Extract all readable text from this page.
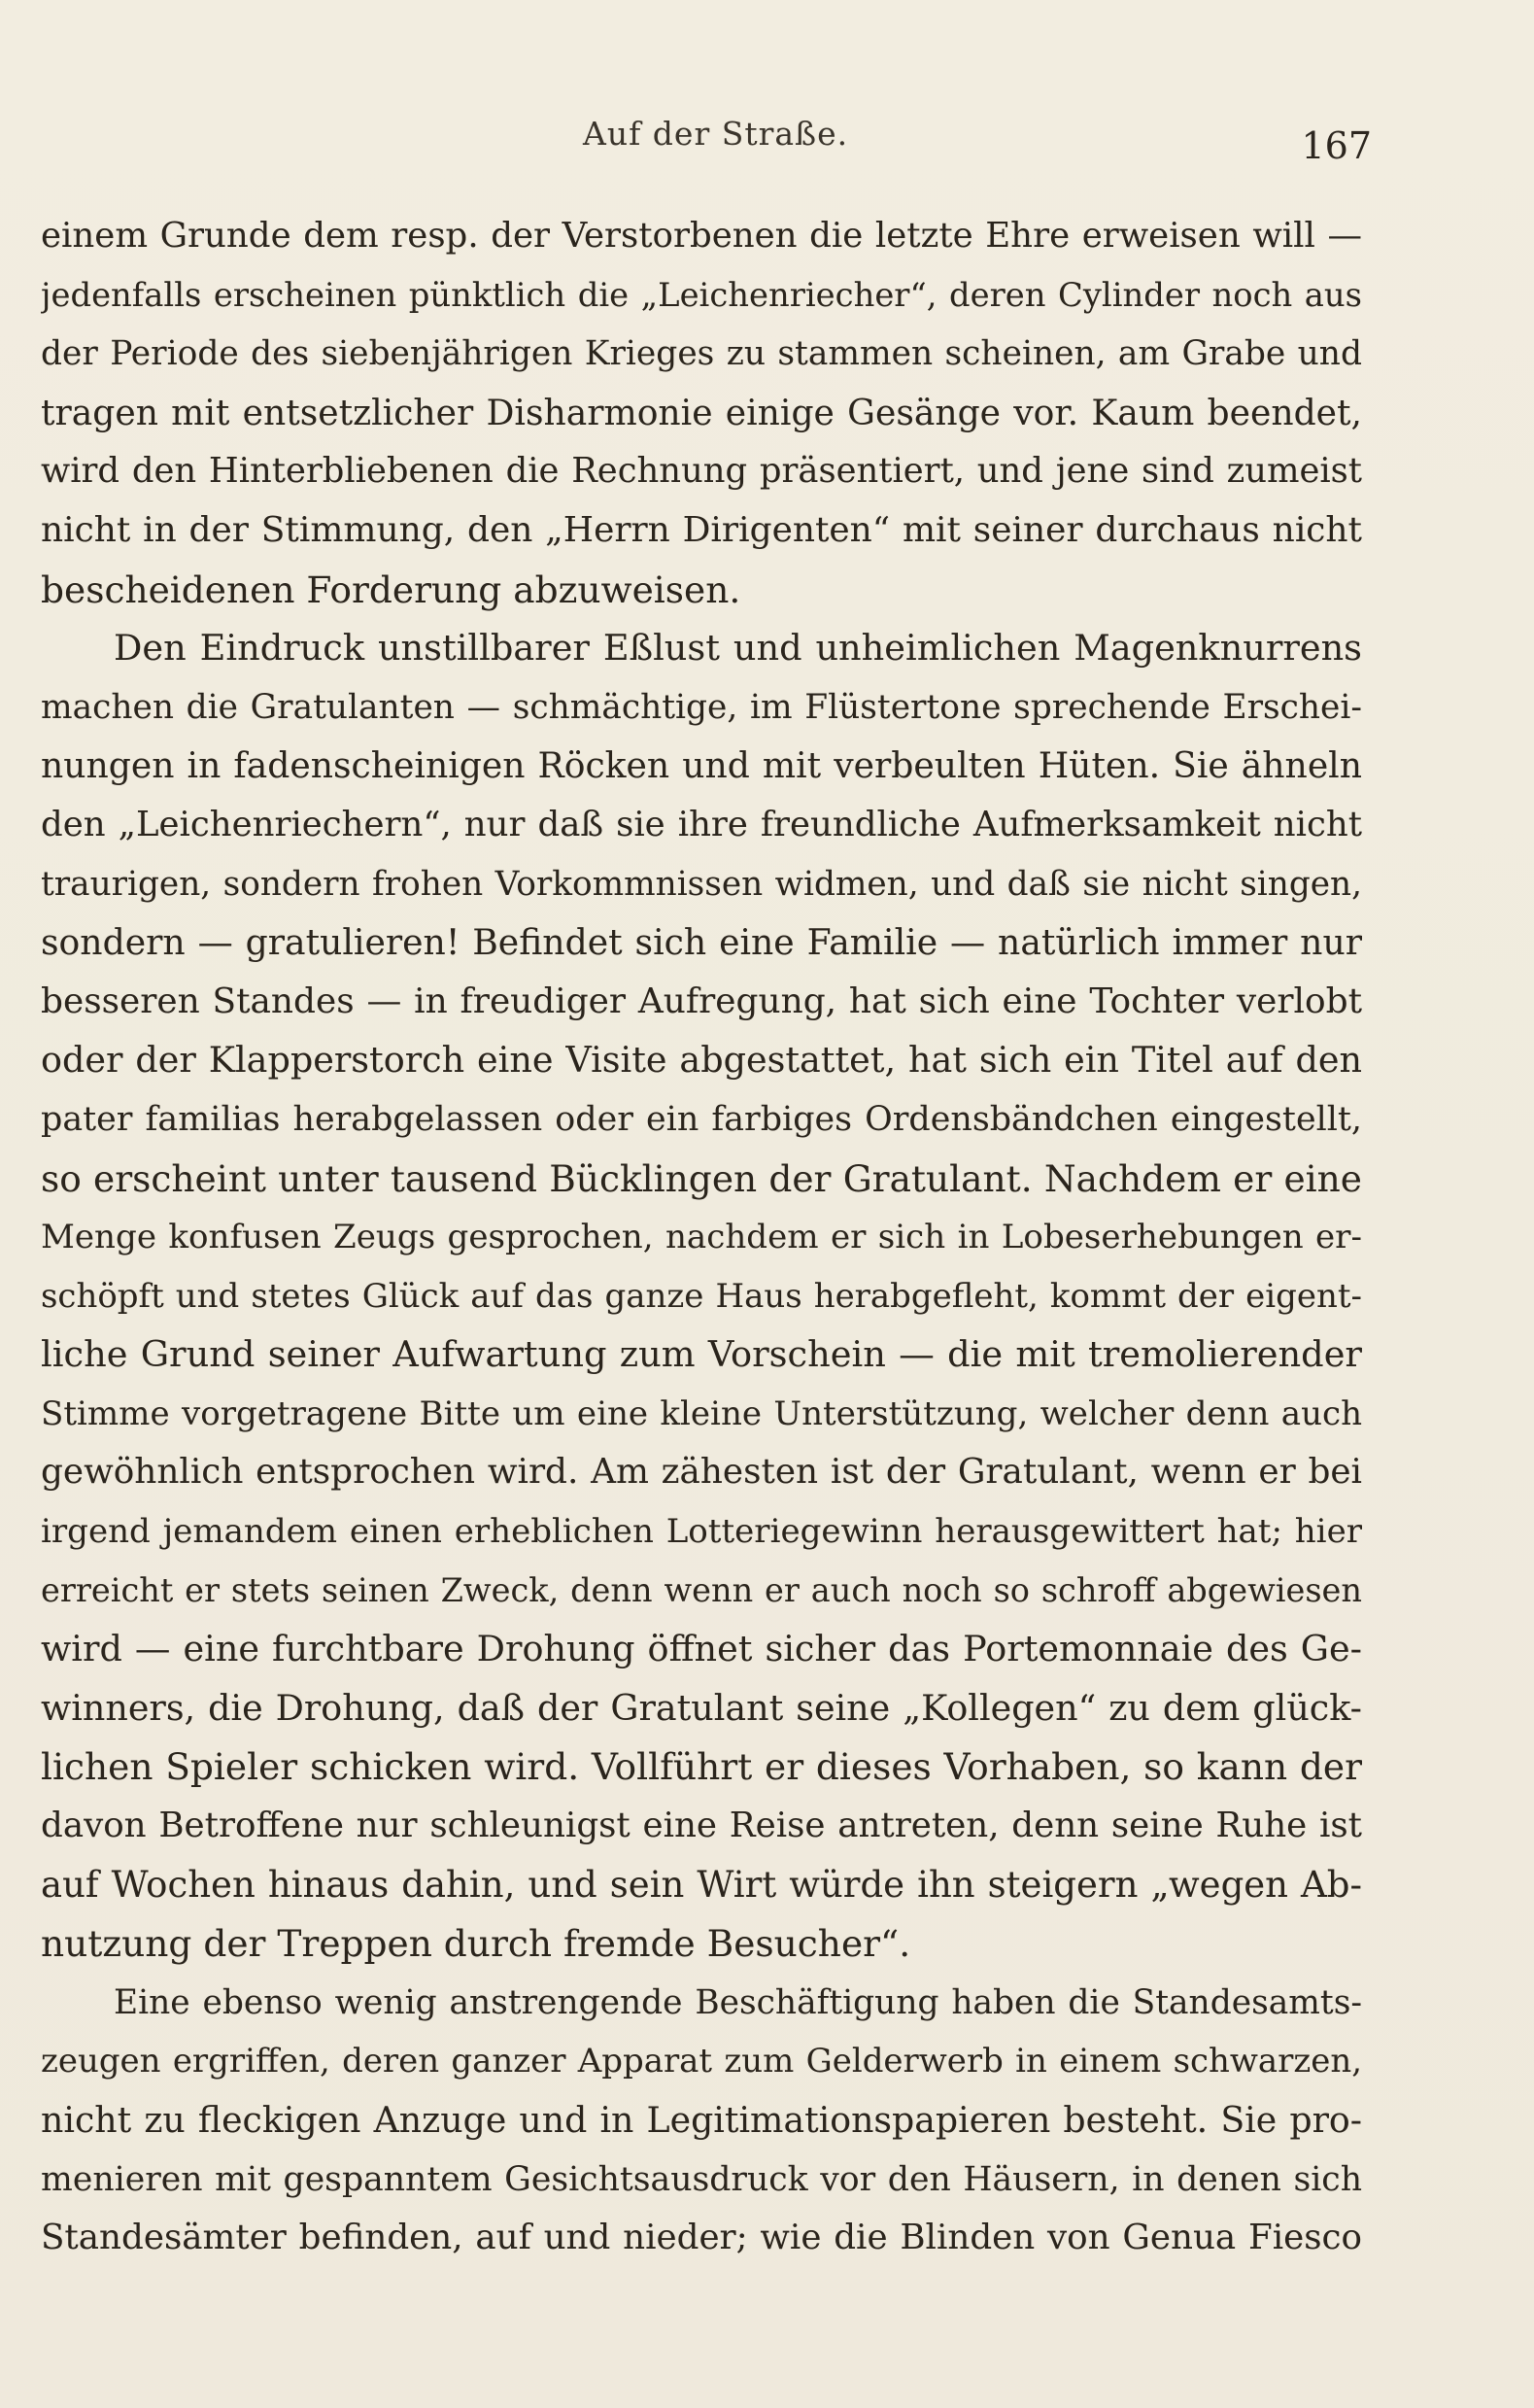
Auf der Straße.	167
einem Grunde dem resp. der Verstorbenen die letzte Ehre erweisen will —
jedenfalls erscheinen pünktlich die „Leichenriecher“, deren Cylinder noch aus
der Periode des siebenjährigen Krieges zu stammen scheinen, am Grabe und
tragen mit entsetzlicher Disharmonie einige Gesänge vor. Kaum beendet,
wird den Hinterbliebenen die Rechnung präsentiert, und jene sind zumeist
nicht in der Stimmung, den „Herrn Dirigenten“ mit seiner durchaus nicht
bescheidenen Forderung abzuweisen.
Den Eindruck unstillbarer Eßlust und unheimlichen Magenknurrens
machen die Gratulanten — schmächtige, im Flüstertone sprechende Erschei-
nungen in fadenscheinigen Röcken und mit verbeulten Hüten. Sie ähneln
den „Leichenriechern“, nur daß sie ihre freundliche Aufmerksamkeit nicht
traurigen, sondern frohen Vorkommnissen widmen, und daß sie nicht singen,
sondern — gratulieren! Befindet sich eine Familie — natürlich immer nur
besseren Standes — in freudiger Aufregung, hat sich eine Tochter verlobt
oder der Klapperstorch eine Visite abgestattet, hat sich ein Titel auf den
pater familias herabgelassen oder ein farbiges Ordensbändchen eingestellt,
so erscheint unter tausend Bücklingen der Gratulant. Nachdem er eine
Menge konfusen Zeugs gesprochen, nachdem er sich in Lobeserhebungen er-
schöpft und stetes Glück auf das ganze Haus herabgefleht, kommt der eigent-
liche Grund seiner Aufwartung zum Vorschein — die mit tremolierender
Stimme vorgetragene Bitte um eine kleine Unterstützung, welcher denn auch
gewöhnlich entsprochen wird. Am zähesten ist der Gratulant, wenn er bei
irgend jemandem einen erheblichen Lotteriegewinn herausgewittert hat; hier
erreicht er stets seinen Zweck, denn wenn er auch noch so schroff abgewiesen
wird — eine furchtbare Drohung öffnet sicher das Portemonnaie des Ge-
winners, die Drohung, daß der Gratulant seine „Kollegen“ zu dem glück-
lichen Spieler schicken wird. Vollführt er dieses Vorhaben, so kann der
davon Betroffene nur schleunigst eine Reise antreten, denn seine Ruhe ist
auf Wochen hinaus dahin, und sein Wirt würde ihn steigern „wegen Ab-
nutzung der Treppen durch fremde Besucher“.
Eine ebenso wenig anstrengende Beschäftigung haben die Standesamts-
zeugen ergriffen, deren ganzer Apparat zum Gelderwerb in einem schwarzen,
nicht zu fleckigen Anzuge und in Legitimationspapieren besteht. Sie pro-
menieren mit gespanntem Gesichtsausdruck vor den Häusern, in denen sich
Standesämter befinden, auf und nieder; wie die Blinden von Genua Fiesco
